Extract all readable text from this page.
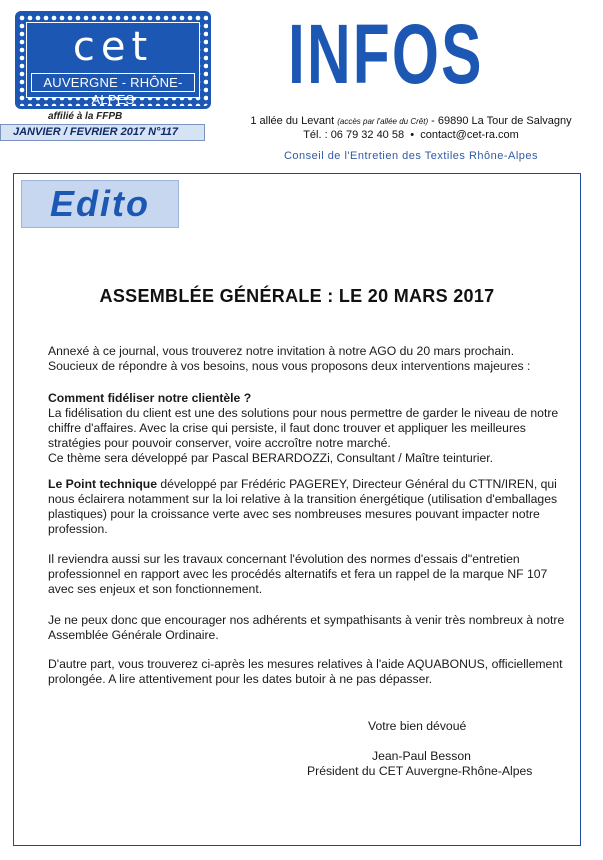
cet
AUVERGNE - RHÔNE-ALPES
affilié à la FFPB
JANVIER / FEVRIER 2017 N°117
INFOS
1 allée du Levant (accès par l'allée du Crêt) - 69890 La Tour de Salvagny
Tél. : 06 79 32 40 58 • contact@cet-ra.com
Conseil de l'Entretien des Textiles Rhône-Alpes
Edito
ASSEMBLÉE GÉNÉRALE : LE 20 MARS 2017
Annexé à ce journal, vous trouverez notre invitation à notre AGO du 20 mars prochain.
Soucieux de répondre à vos besoins, nous vous proposons deux interventions majeures :
Comment fidéliser notre clientèle ?
La fidélisation du client est une des solutions pour nous permettre de garder le niveau de notre
chiffre d'affaires. Avec la crise qui persiste, il faut donc trouver et appliquer les meilleures
stratégies pour pouvoir conserver, voire accroître notre marché.
Ce thème sera développé par Pascal BERARDOZZi, Consultant / Maître teinturier.
Le Point technique développé par Frédéric PAGEREY, Directeur Général du CTTN/IREN, qui
nous éclairera notamment sur la loi relative à la transition énergétique (utilisation d'emballages
plastiques) pour la croissance verte avec ses nombreuses mesures pouvant impacter notre
profession.
Il reviendra aussi sur les travaux concernant l'évolution des normes d'essais d"entretien
professionnel en rapport avec les procédés alternatifs et fera un rappel de la marque NF 107
avec ses enjeux et son fonctionnement.
Je ne peux donc que encourager nos adhérents et sympathisants à venir très nombreux à notre
Assemblée Générale Ordinaire.
D'autre part, vous trouverez ci-après les mesures relatives à l'aide AQUABONUS, officiellement
prolongée. A lire attentivement pour les dates butoir à ne pas dépasser.
Votre bien dévoué
Jean-Paul Besson
Président du CET Auvergne-Rhône-Alpes
